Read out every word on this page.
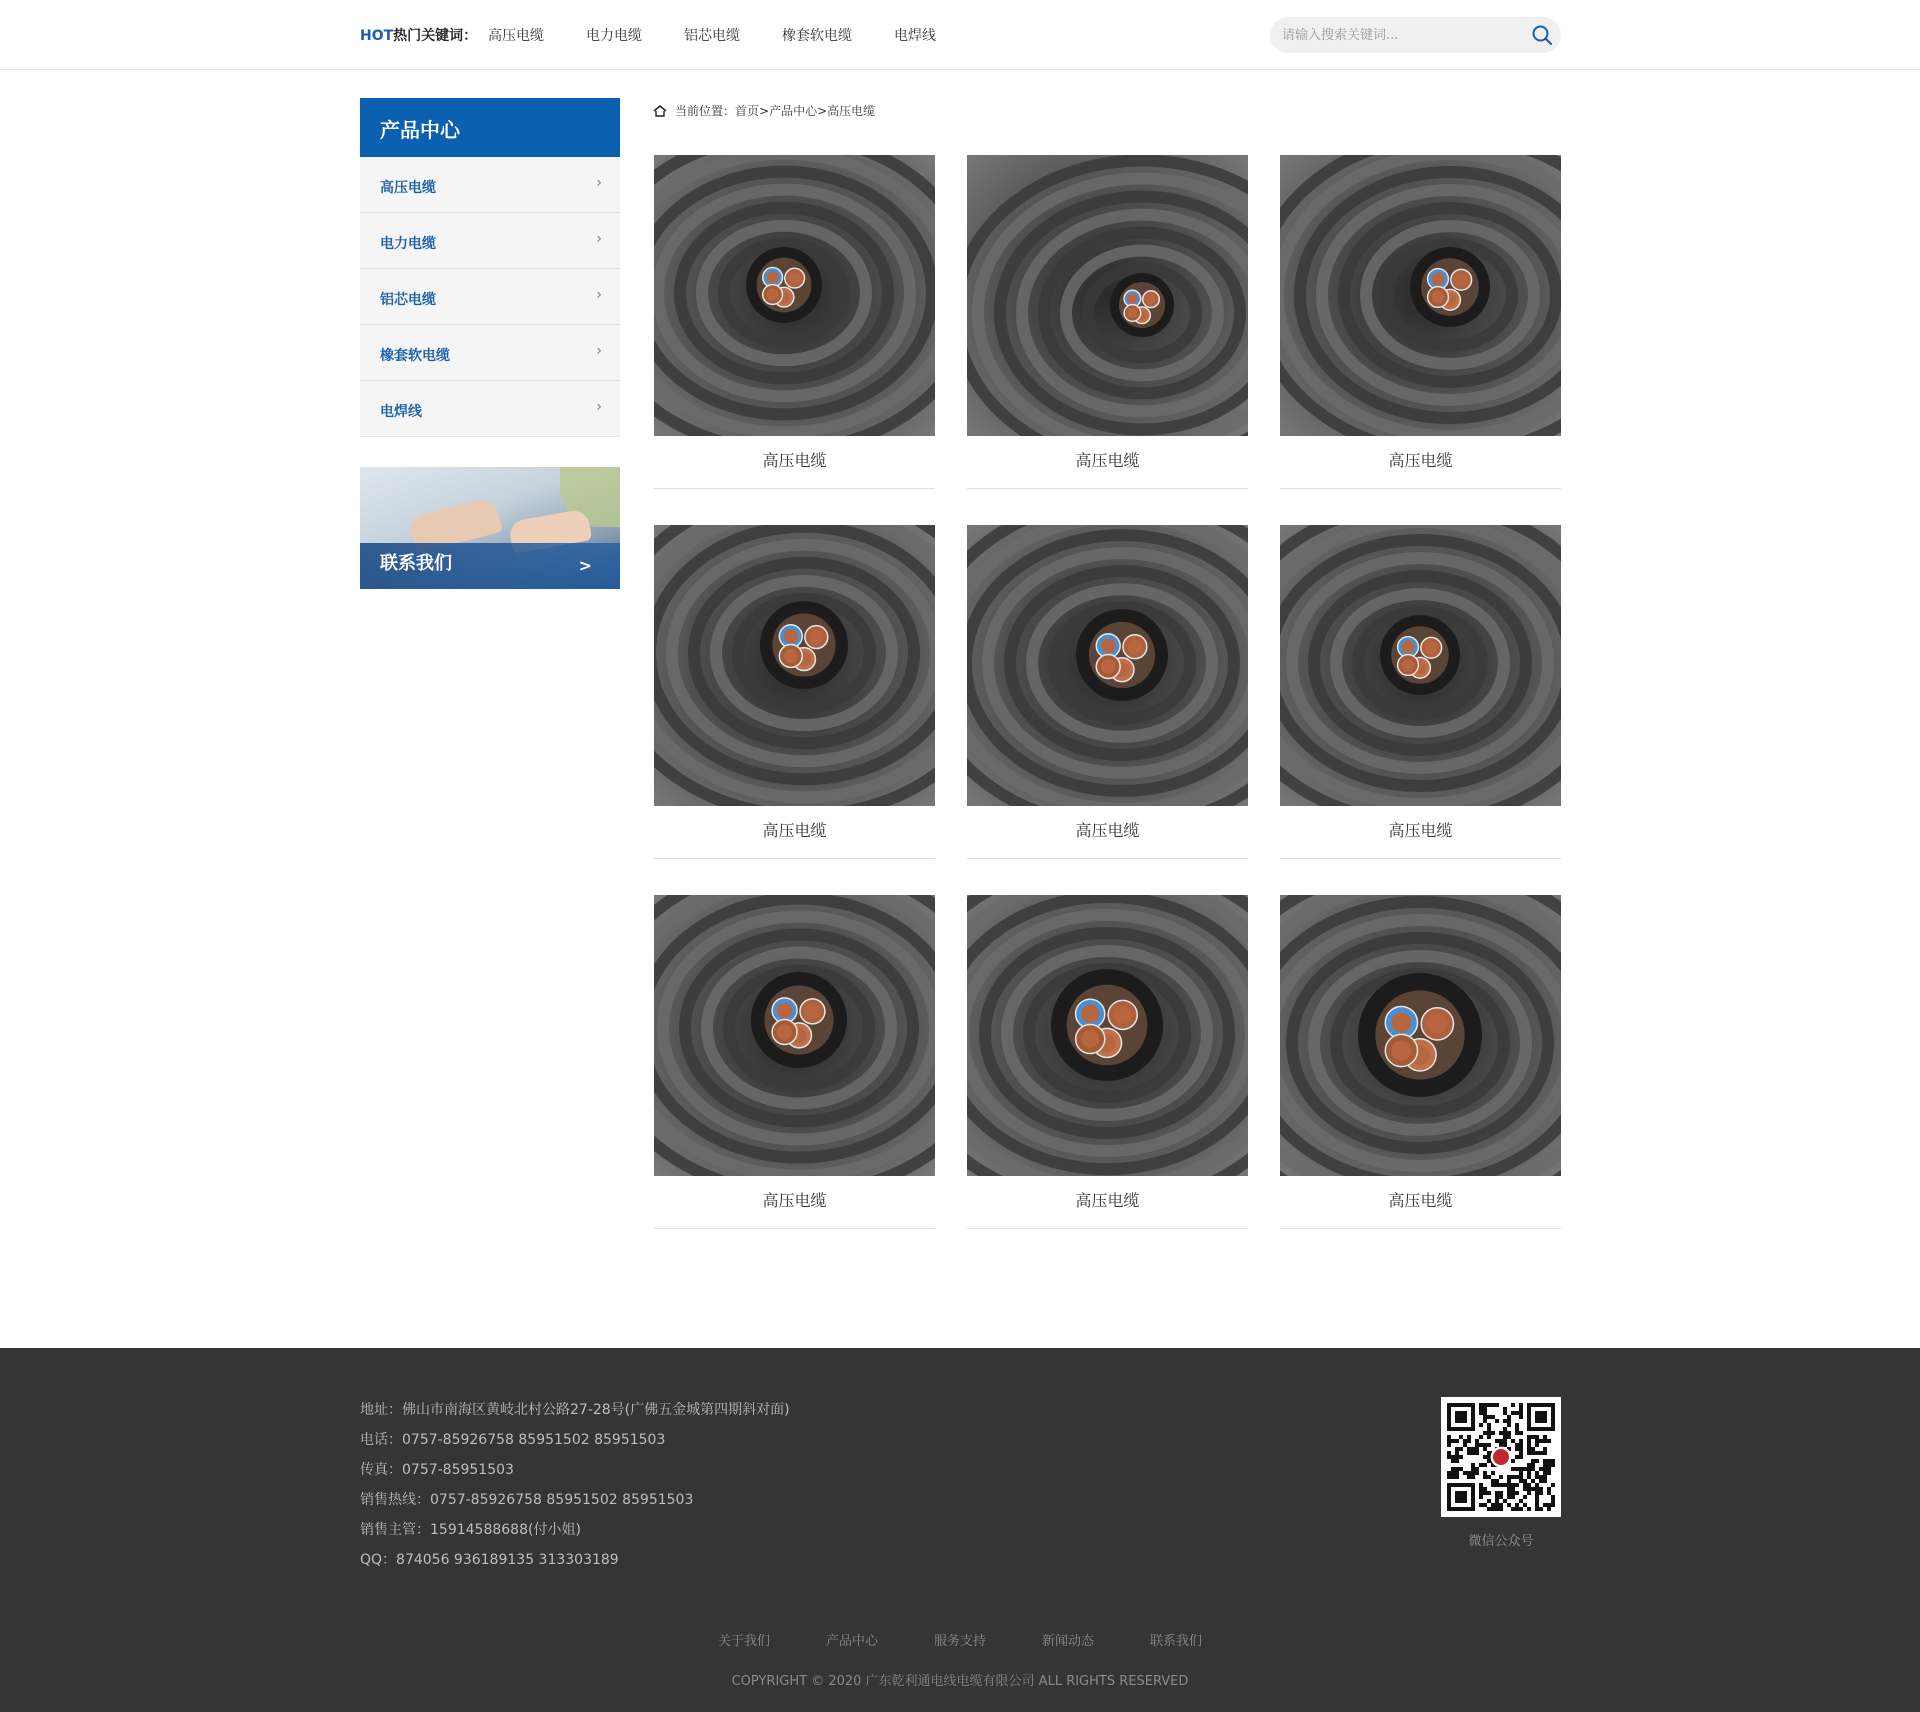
HOT热门关键词： 高压电缆	电力电缆	铝芯电缆	橡套软电缆	电焊线
请输入搜索关键词...
产品中心
高压电缆	›
电力电缆	›
铝芯电缆	›
橡套软电缆	›
电焊线	›
联系我们	>
当前位置： 首页 > 产品中心 > 高压电缆
高压电缆	高压电缆	高压电缆
高压电缆	高压电缆	高压电缆
高压电缆	高压电缆	高压电缆
地址：佛山市南海区黄岐北村公路27-28号(广佛五金城第四期斜对面)
电话：0757-85926758 85951502 85951503
传真：0757-85951503
销售热线：0757-85926758 85951502 85951503
销售主管：15914588688(付小姐)
QQ：874056 936189135 313303189
微信公众号
关于我们	产品中心	服务支持	新闻动态	联系我们
COPYRIGHT © 2020 广东乾利通电线电缆有限公司 ALL RIGHTS RESERVED
